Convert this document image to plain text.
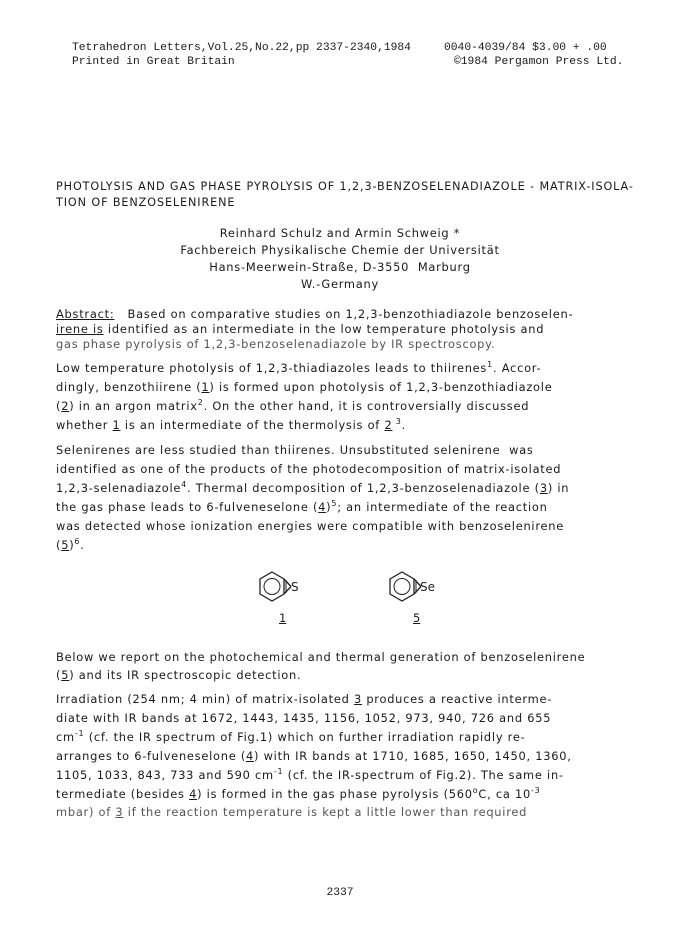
Tetrahedron Letters,Vol.25,No.22,pp 2337-2340,1984
Printed in Great Britain
0040-4039/84 $3.00 + .00
©1984 Pergamon Press Ltd.
PHOTOLYSIS AND GAS PHASE PYROLYSIS OF 1,2,3-BENZOSELENADIAZOLE - MATRIX-ISOLA-
TION OF BENZOSELENIRENE
Reinhard Schulz and Armin Schweig *
Fachbereich Physikalische Chemie der Universität
Hans-Meerwein-Straße, D-3550  Marburg
W.-Germany
Abstract:   Based on comparative studies on 1,2,3-benzothiadiazole benzoselen-
irene is identified as an intermediate in the low temperature photolysis and
gas phase pyrolysis of 1,2,3-benzoselenadiazole by IR spectroscopy.
Low temperature photolysis of 1,2,3-thiadiazoles leads to thiirenes$^1$. Accor-
dingly, benzothiirene (1) is formed upon photolysis of 1,2,3-benzothiadiazole
(2) in an argon matrix$^2$. On the other hand, it is controversially discussed
whether 1 is an intermediate of the thermolysis of 2 $^3$.
Selenirenes are less studied than thiirenes. Unsubstituted selenirene  was
identified as one of the products of the photodecomposition of matrix-isolated
1,2,3-selenadiazole$^4$. Thermal decomposition of 1,2,3-benzoselenadiazole (3) in
the gas phase leads to 6-fulveneselone $(4)^5$; an intermediate of the reaction
was detected whose ionization energies were compatible with benzoselenirene
$(5)^6$.
S
1
Se
5
Below we report on the photochemical and thermal generation of benzoselenirene
(5) and its IR spectroscopic detection.
Irradiation (254 nm; 4 min) of matrix-isolated 3 produces a reactive interme-
diate with IR bands at 1672, 1443, 1435, 1156, 1052, 973, 940, 726 and 655
$cm^{-1}$ (cf. the IR spectrum of Fig.1) which on further irradiation rapidly re-
arranges to 6-fulveneselone (4) with IR bands at 1710, 1685, 1650, 1450, 1360,
1105, 1033, 843, 733 and 590 $cm^{-1}$ (cf. the IR-spectrum of Fig.2). The same in-
termediate (besides 4) is formed in the gas phase pyrolysis (560$^o$C, ca $10^{-3}$
mbar) of 3 if the reaction temperature is kept a little lower than required
2337
